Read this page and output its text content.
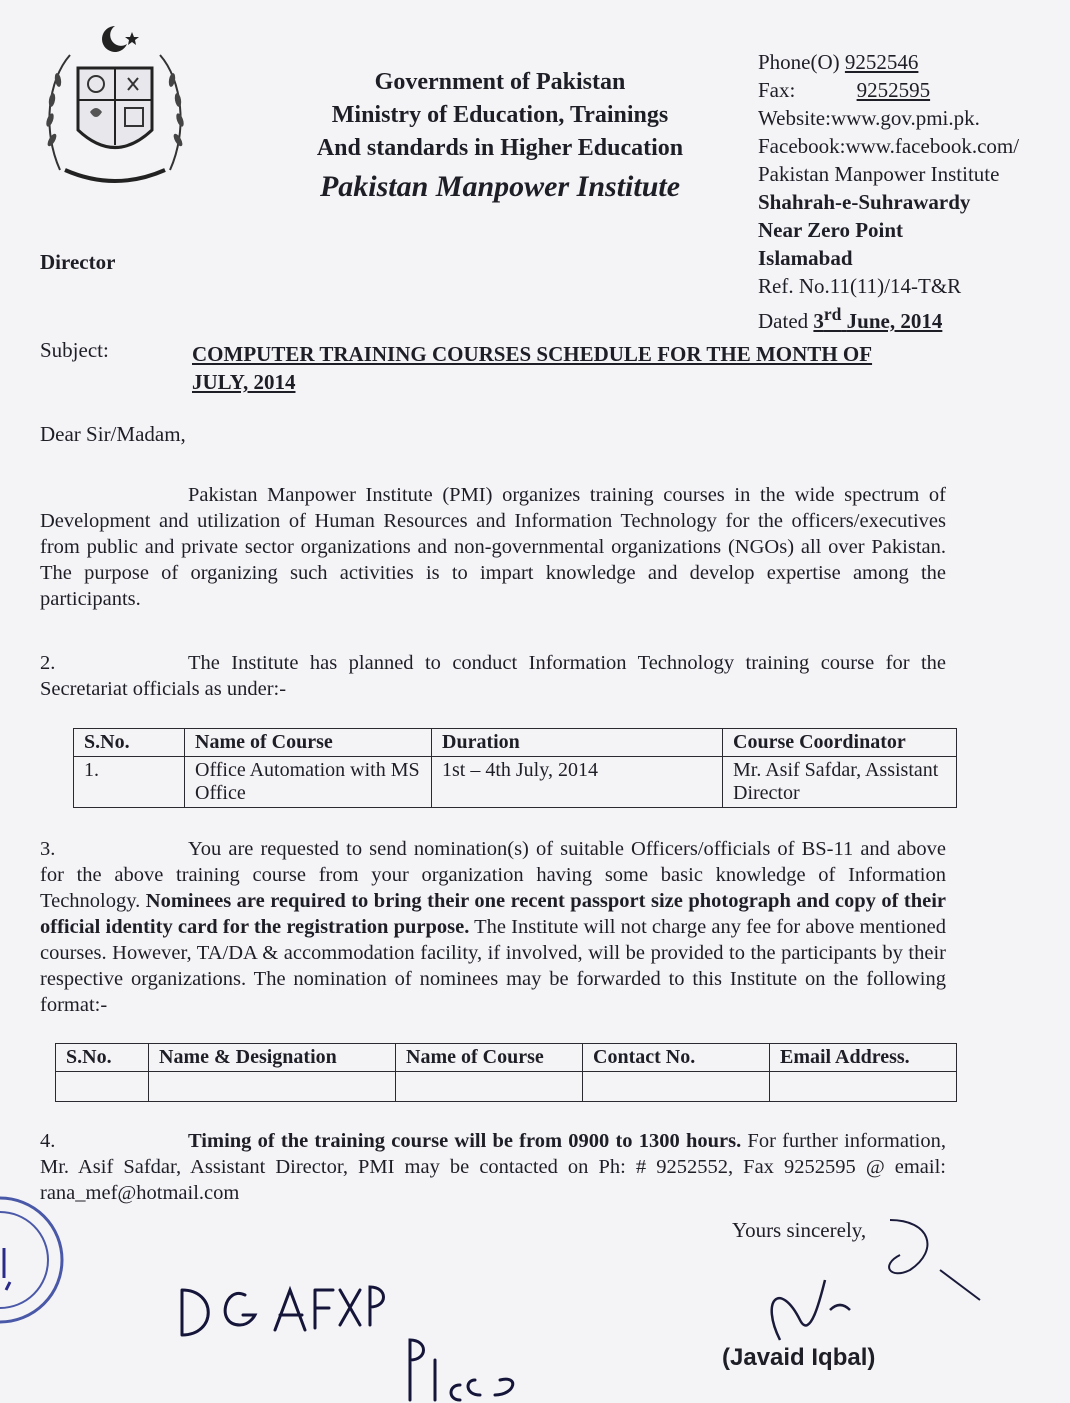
Government of Pakistan
Ministry of Education, Trainings
And standards in Higher Education
Pakistan Manpower Institute
Phone(O) 9252546
Fax:	9252595
Website:www.gov.pmi.pk.
Facebook:www.facebook.com/
Pakistan Manpower Institute
Shahrah-e-Suhrawardy
Near Zero Point
Islamabad
Ref. No.11(11)/14-T&R
Dated 3rd June, 2014
Director
Subject:	COMPUTER TRAINING COURSES SCHEDULE FOR THE MONTH OF JULY, 2014
Dear Sir/Madam,
Pakistan Manpower Institute (PMI) organizes training courses in the wide spectrum of Development and utilization of Human Resources and Information Technology for the officers/executives from public and private sector organizations and non-governmental organizations (NGOs) all over Pakistan. The purpose of organizing such activities is to impart knowledge and develop expertise among the participants.
2.	The Institute has planned to conduct Information Technology training course for the Secretariat officials as under:-
S.No.	Name of Course	Duration	Course Coordinator
1.	Office Automation with MS Office	1st – 4th July, 2014	Mr. Asif Safdar, Assistant Director
3.	You are requested to send nomination(s) of suitable Officers/officials of BS-11 and above for the above training course from your organization having some basic knowledge of Information Technology. Nominees are required to bring their one recent passport size photograph and copy of their official identity card for the registration purpose. The Institute will not charge any fee for above mentioned courses. However, TA/DA & accommodation facility, if involved, will be provided to the participants by their respective organizations. The nomination of nominees may be forwarded to this Institute on the following format:-
S.No.	Name & Designation	Name of Course	Contact No.	Email Address.

4.	Timing of the training course will be from 0900 to 1300 hours. For further information, Mr. Asif Safdar, Assistant Director, PMI may be contacted on Ph: # 9252552, Fax 9252595 @ email: rana_mef@hotmail.com
Yours sincerely,
(Javaid Iqbal)
